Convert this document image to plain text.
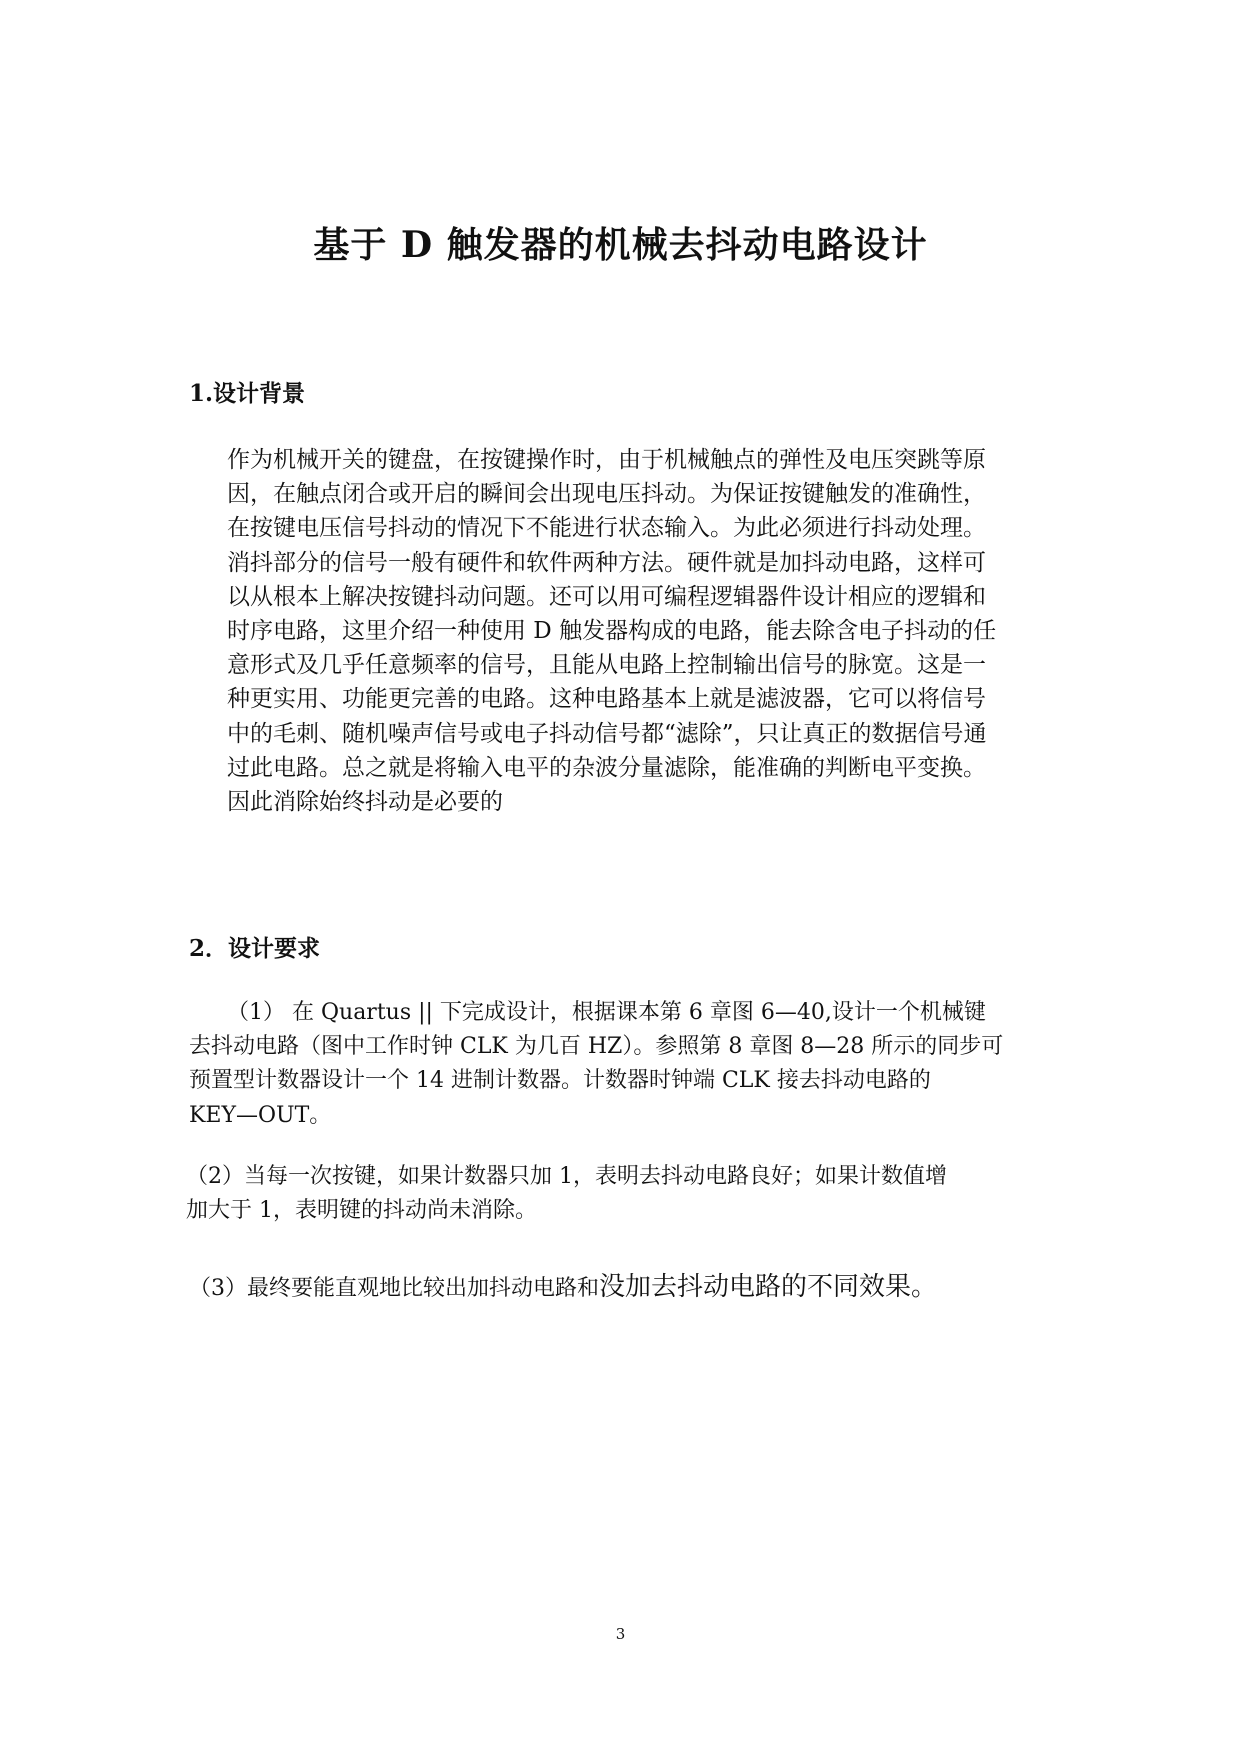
基于 D 触发器的机械去抖动电路设计
1.设计背景
作为机械开关的键盘，在按键操作时，由于机械触点的弹性及电压突跳等原
因，在触点闭合或开启的瞬间会出现电压抖动。为保证按键触发的准确性，
在按键电压信号抖动的情况下不能进行状态输入。为此必须进行抖动处理。
消抖部分的信号一般有硬件和软件两种方法。硬件就是加抖动电路，这样可
以从根本上解决按键抖动问题。还可以用可编程逻辑器件设计相应的逻辑和
时序电路，这里介绍一种使用 D 触发器构成的电路，能去除含电子抖动的任
意形式及几乎任意频率的信号，且能从电路上控制输出信号的脉宽。这是一
种更实用、功能更完善的电路。这种电路基本上就是滤波器，它可以将信号
中的毛刺、随机噪声信号或电子抖动信号都“滤除”，只让真正的数据信号通
过此电路。总之就是将输入电平的杂波分量滤除，能准确的判断电平变换。
因此消除始终抖动是必要的
2．设计要求
（1） 在 Quartus || 下完成设计，根据课本第 6 章图 6—40,设计一个机械键
去抖动电路（图中工作时钟 CLK 为几百 HZ）。参照第 8 章图 8—28 所示的同步可
预置型计数器设计一个 14 进制计数器。计数器时钟端 CLK 接去抖动电路的
KEY—OUT。
（2）当每一次按键，如果计数器只加 1，表明去抖动电路良好；如果计数值增
加大于 1，表明键的抖动尚未消除。
（3）最终要能直观地比较出加抖动电路和没加去抖动电路的不同效果。
3
